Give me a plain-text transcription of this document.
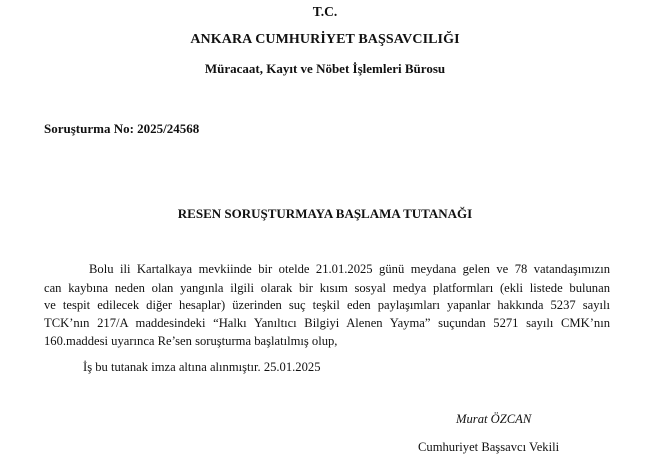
T.C.
ANKARA CUMHURİYET BAŞSAVCILIĞI
Müracaat, Kayıt ve Nöbet İşlemleri Bürosu
Soruşturma No: 2025/24568
RESEN SORUŞTURMAYA BAŞLAMA TUTANAĞI
Bolu ili Kartalkaya mevkiinde bir otelde 21.01.2025 günü meydana gelen ve 78 vatandaşımızın
can kaybına neden olan yangınla ilgili olarak bir kısım sosyal medya platformları (ekli listede bulunan
ve tespit edilecek diğer hesaplar) üzerinden suç teşkil eden paylaşımları yapanlar hakkında 5237 sayılı
TCK’nın 217/A maddesindeki “Halkı Yanıltıcı Bilgiyi Alenen Yayma” suçundan 5271 sayılı CMK’nın
160.maddesi uyarınca Re’sen soruşturma başlatılmış olup,
İş bu tutanak imza altına alınmıştır. 25.01.2025
Murat ÖZCAN
Cumhuriyet Başsavcı Vekili
